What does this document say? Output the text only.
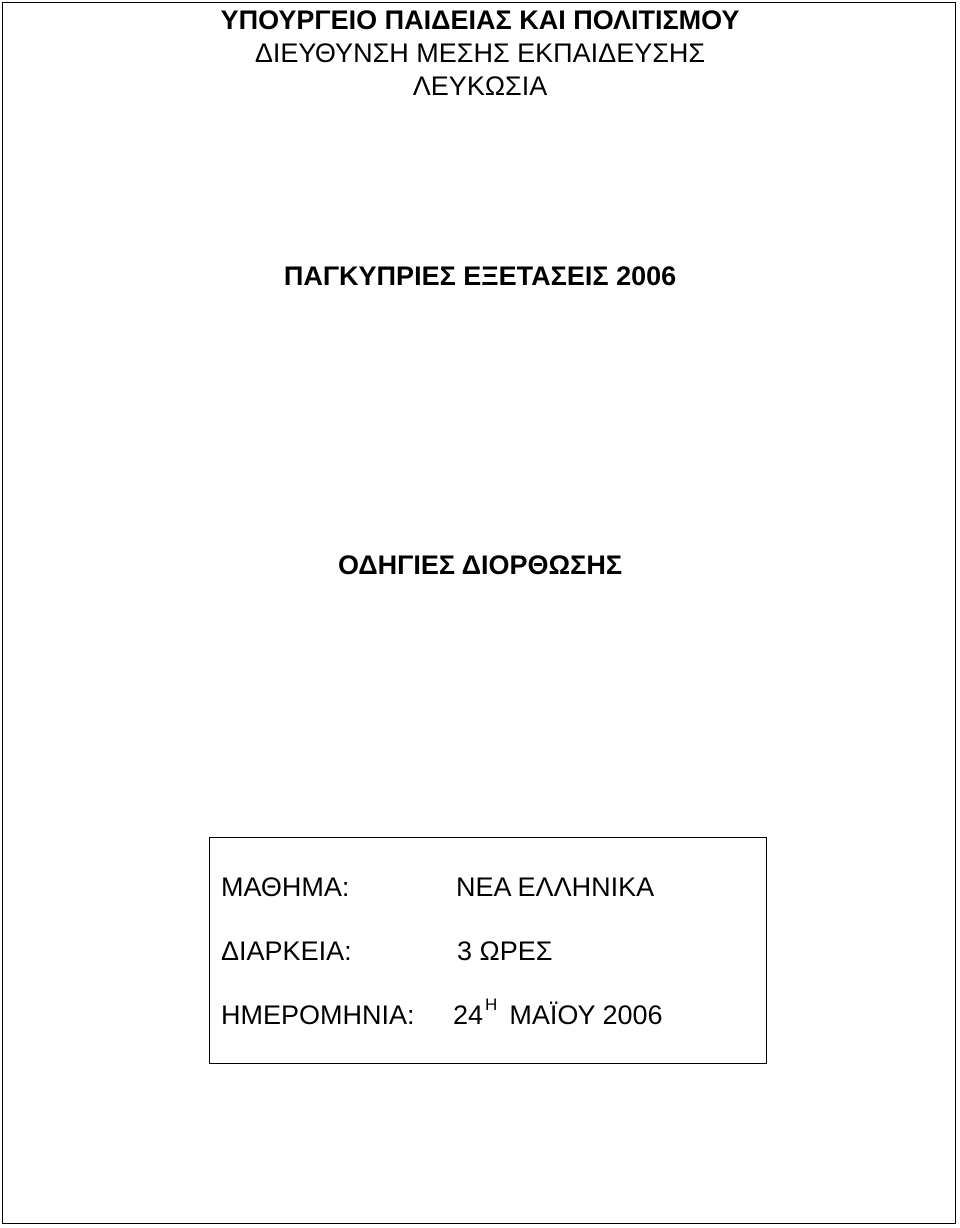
ΥΠΟΥΡΓΕΙΟ ΠΑΙΔΕΙΑΣ ΚΑΙ ΠΟΛΙΤΙΣΜΟΥ
ΔΙΕΥΘΥΝΣΗ ΜΕΣΗΣ ΕΚΠΑΙΔΕΥΣΗΣ
ΛΕΥΚΩΣΙΑ
ΠΑΓΚΥΠΡΙΕΣ ΕΞΕΤΑΣΕΙΣ 2006
ΟΔΗΓΙΕΣ ΔΙΟΡΘΩΣΗΣ
ΜΑΘΗΜΑ:	ΝΕΑ ΕΛΛΗΝΙΚΑ
ΔΙΑΡΚΕΙΑ:	3 ΩΡΕΣ
ΗΜΕΡΟΜΗΝΙΑ: 24 $^H$ ΜΑΪΟΥ 2006
